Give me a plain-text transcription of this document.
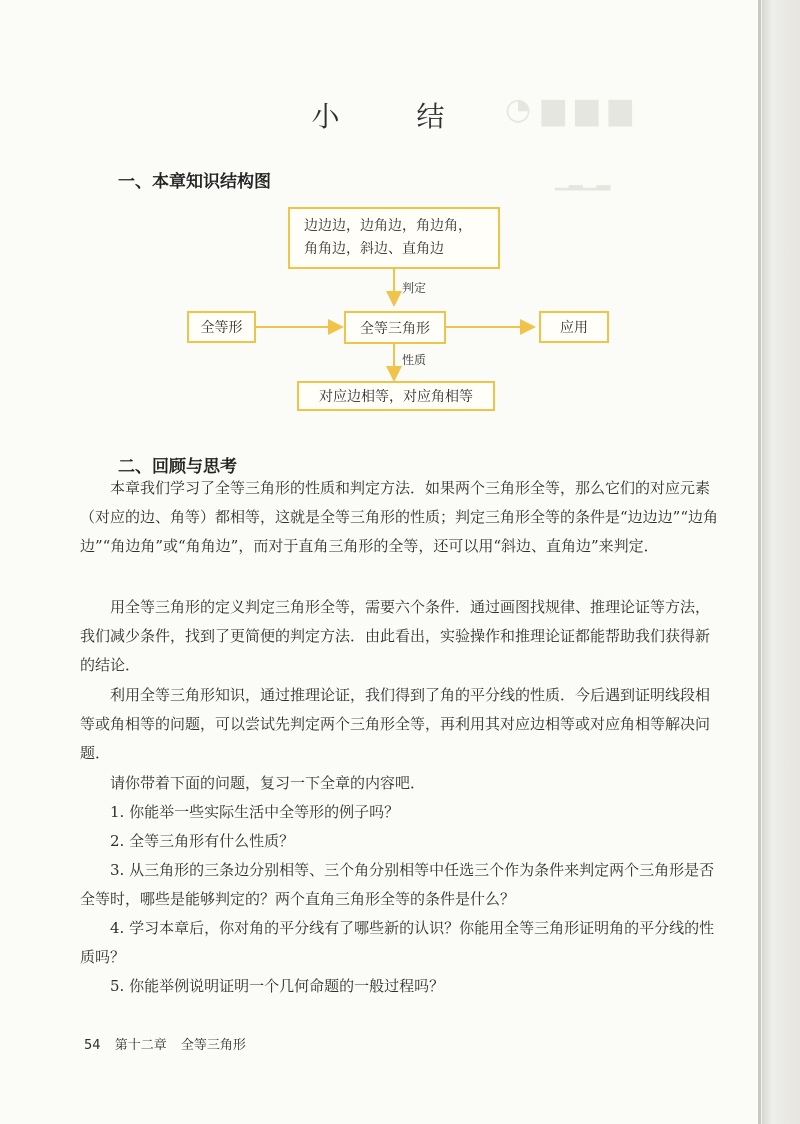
◔ ▆ ▆ ▆
▁▂▁▂
小 结
一、本章知识结构图
边边边，边角边，角边角，
角角边，斜边、直角边
判定
全等形	全等三角形	应用
性质
对应边相等，对应角相等
二、回顾与思考

本章我们学习了全等三角形的性质和判定方法．如果两个三角形全等，那么它们的对应元素（对应的边、角等）都相等，这就是全等三角形的性质；判定三角形全等的条件是“边边边”“边角边”“角边角”或“角角边”，而对于直角三角形的全等，还可以用“斜边、直角边”来判定．

用全等三角形的定义判定三角形全等，需要六个条件．通过画图找规律、推理论证等方法，我们减少条件，找到了更简便的判定方法．由此看出，实验操作和推理论证都能帮助我们获得新的结论．

利用全等三角形知识，通过推理论证，我们得到了角的平分线的性质．今后遇到证明线段相等或角相等的问题，可以尝试先判定两个三角形全等，再利用其对应边相等或对应角相等解决问题．

请你带着下面的问题，复习一下全章的内容吧．

1. 你能举一些实际生活中全等形的例子吗？

2. 全等三角形有什么性质？

3. 从三角形的三条边分别相等、三个角分别相等中任选三个作为条件来判定两个三角形是否全等时，哪些是能够判定的？两个直角三角形全等的条件是什么？

4. 学习本章后，你对角的平分线有了哪些新的认识？你能用全等三角形证明角的平分线的性质吗？

5. 你能举例说明证明一个几何命题的一般过程吗？

54 第十二章 全等三角形
